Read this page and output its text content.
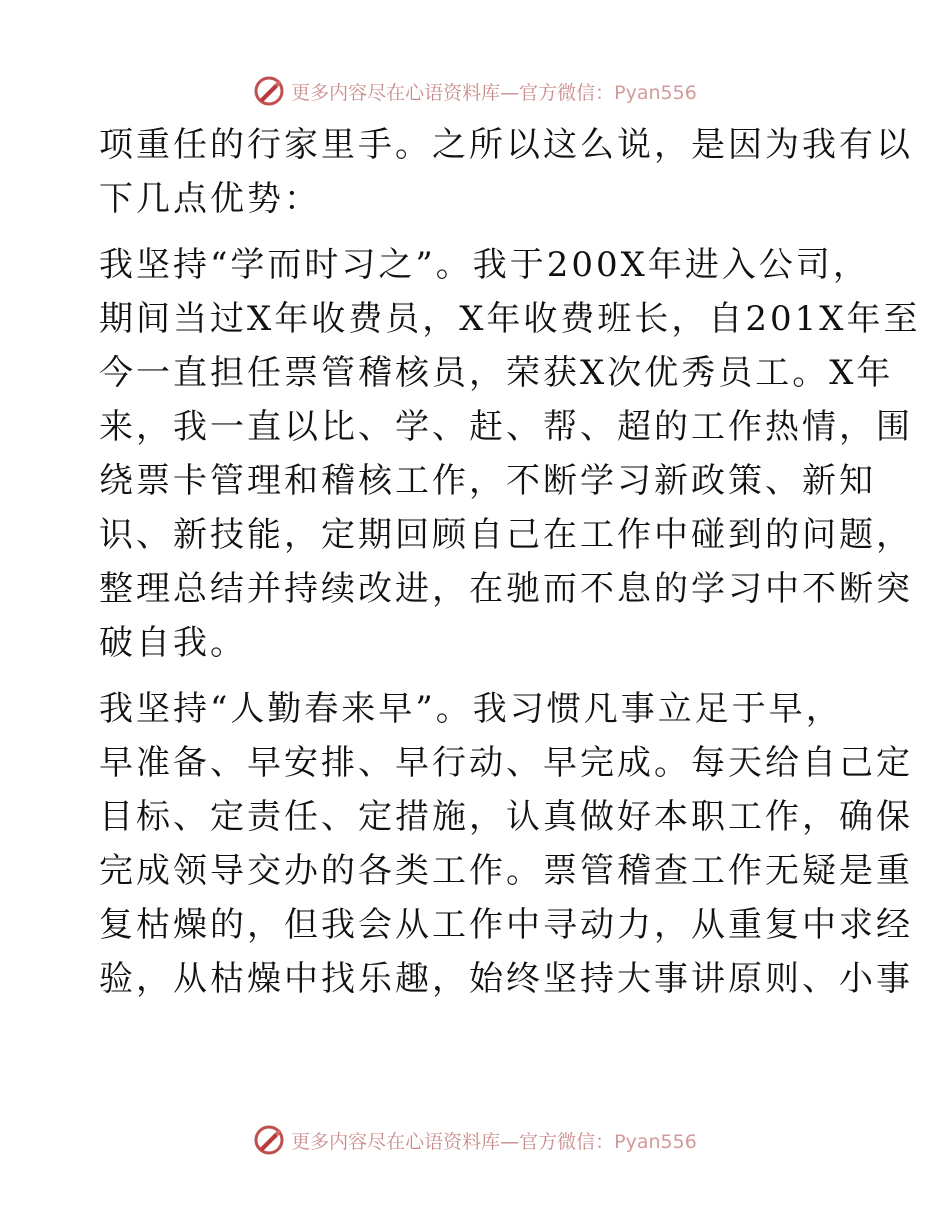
更多内容尽在心语资料库—官方微信：Pyan556

项重任的行家里手。之所以这么说，是因为我有以
下几点优势：

我坚持“学而时习之”。我于200X年进入公司，
期间当过X年收费员，X年收费班长，自201X年至
今一直担任票管稽核员，荣获X次优秀员工。X年
来，我一直以比、学、赶、帮、超的工作热情，围
绕票卡管理和稽核工作，不断学习新政策、新知
识、新技能，定期回顾自己在工作中碰到的问题，
整理总结并持续改进，在驰而不息的学习中不断突
破自我。

我坚持“人勤春来早”。我习惯凡事立足于早，
早准备、早安排、早行动、早完成。每天给自己定
目标、定责任、定措施，认真做好本职工作，确保
完成领导交办的各类工作。票管稽查工作无疑是重
复枯燥的，但我会从工作中寻动力，从重复中求经
验，从枯燥中找乐趣，始终坚持大事讲原则、小事

更多内容尽在心语资料库—官方微信：Pyan556
